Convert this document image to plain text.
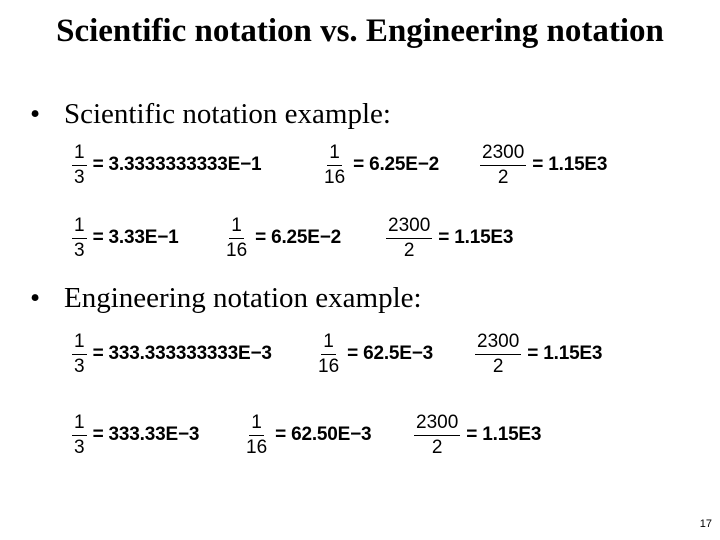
Scientific notation vs. Engineering notation
• Scientific notation example:
$\frac{1}{3} = 3.3333333333E-1$	$\frac{1}{16} = 6.25E-2 \frac{2300}{2} = 1.15E3$
$\frac{1}{3} = 3.33E-1 \frac{1}{16} = 6.25E-2 \frac{2300}{2} = 1.15E3$
• Engineering notation example:
$\frac{1}{3} = 333.333333333E-3 \frac{1}{16} = 62.5E-3 \frac{2300}{2} = 1.15E3$
$\frac{1}{3} = 333.33E-3 \frac{1}{16} = 62.50E-3 \frac{2300}{2} = 1.15E3$
17
